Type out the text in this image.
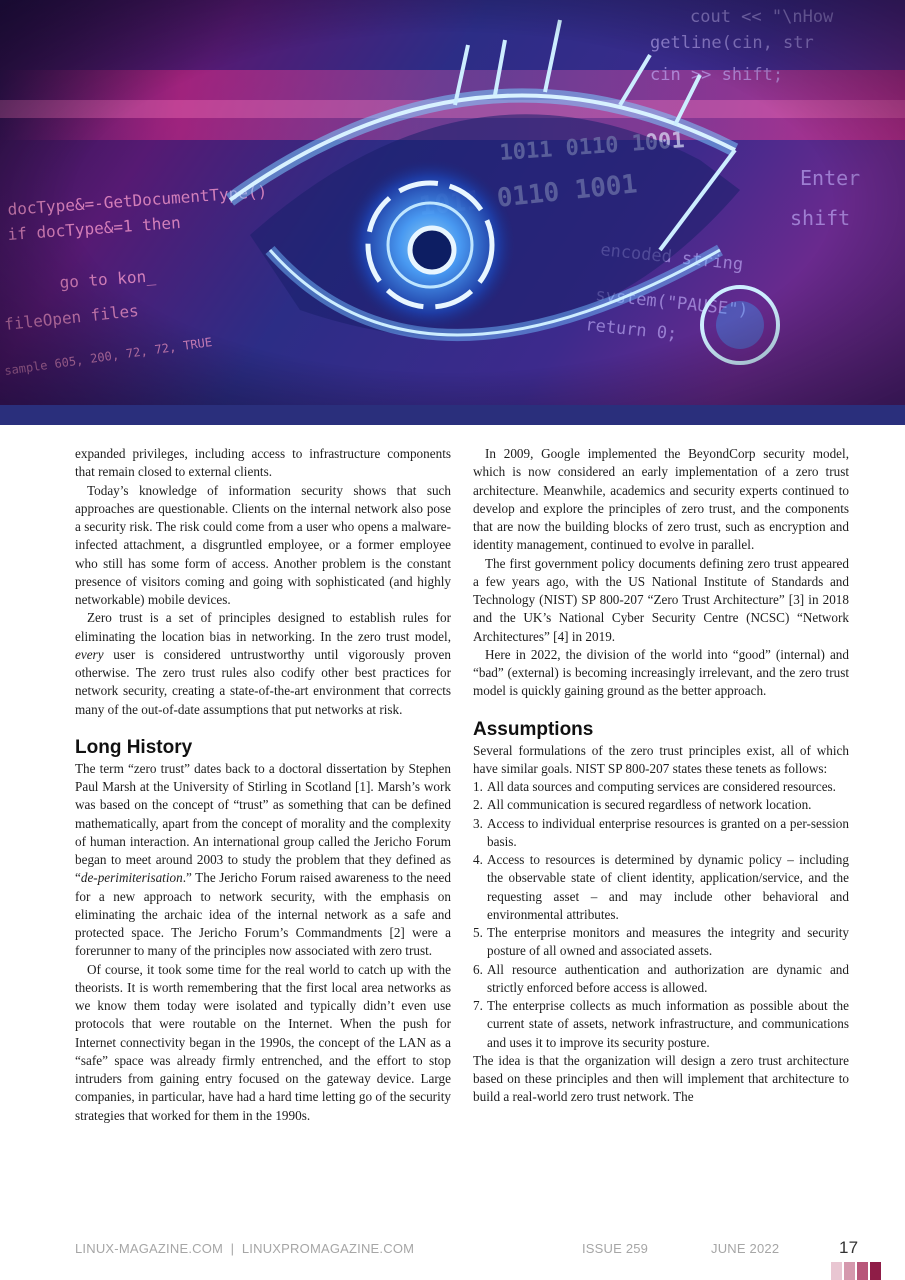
expanded privileges, including access to infrastructure components that remain closed to external clients.

Today’s knowledge of information security shows that such approaches are questionable. Clients on the internal network also pose a security risk. The risk could come from a user who opens a malware-infected attachment, a disgruntled employee, or a former employee who still has some form of access. Another problem is the constant presence of visitors coming and going with sophisticated (and highly networkable) mobile devices.

Zero trust is a set of principles designed to establish rules for eliminating the location bias in networking. In the zero trust model, every user is considered untrustworthy until vigorously proven otherwise. The zero trust rules also codify other best practices for network security, creating a state-of-the-art environment that corrects many of the out-of-date assumptions that put networks at risk.

Long History

The term “zero trust” dates back to a doctoral dissertation by Stephen Paul Marsh at the University of Stirling in Scotland [1]. Marsh’s work was based on the concept of “trust” as something that can be defined mathematically, apart from the concept of morality and the complexity of human interaction. An international group called the Jericho Forum began to meet around 2003 to study the problem that they defined as “de-perimiterisation.” The Jericho Forum raised awareness to the need for a new approach to network security, with the emphasis on eliminating the archaic idea of the internal network as a safe and protected space. The Jericho Forum’s Commandments [2] were a forerunner to many of the principles now associated with zero trust.

Of course, it took some time for the real world to catch up with the theorists. It is worth remembering that the first local area networks as we know them today were isolated and typically didn’t even use protocols that were routable on the Internet. When the push for Internet connectivity began in the 1990s, the concept of the LAN as a “safe” space was already firmly entrenched, and the effort to stop intruders from gaining entry focused on the gateway device. Large companies, in particular, have had a hard time letting go of the security strategies that worked for them in the 1990s.

In 2009, Google implemented the BeyondCorp security model, which is now considered an early implementation of a zero trust architecture. Meanwhile, academics and security experts continued to develop and explore the principles of zero trust, and the components that are now the building blocks of zero trust, such as encryption and identity management, continued to evolve in parallel.

The first government policy documents defining zero trust appeared a few years ago, with the US National Institute of Standards and Technology (NIST) SP 800-207 “Zero Trust Architecture” [3] in 2018 and the UK’s National Cyber Security Centre (NCSC) “Network Architectures” [4] in 2019.

Here in 2022, the division of the world into “good” (internal) and “bad” (external) is becoming increasingly irrelevant, and the zero trust model is quickly gaining ground as the better approach.

Assumptions

Several formulations of the zero trust principles exist, all of which have similar goals. NIST SP 800-207 states these tenets as follows:

1. All data sources and computing services are considered resources.
2. All communication is secured regardless of network location.
3. Access to individual enterprise resources is granted on a per-session basis.
4. Access to resources is determined by dynamic policy – including the observable state of client identity, application/service, and the requesting asset – and may include other behavioral and environmental attributes.
5. The enterprise monitors and measures the integrity and security posture of all owned and associated assets.
6. All resource authentication and authorization are dynamic and strictly enforced before access is allowed.
7. The enterprise collects as much information as possible about the current state of assets, network infrastructure, and communications and uses it to improve its security posture.

The idea is that the organization will design a zero trust architecture based on these principles and then will implement that architecture to build a real-world zero trust network. The

LINUX-MAGAZINE.COM  |  LINUXPROMAGAZINE.COM	ISSUE 259	JUNE 2022	17
